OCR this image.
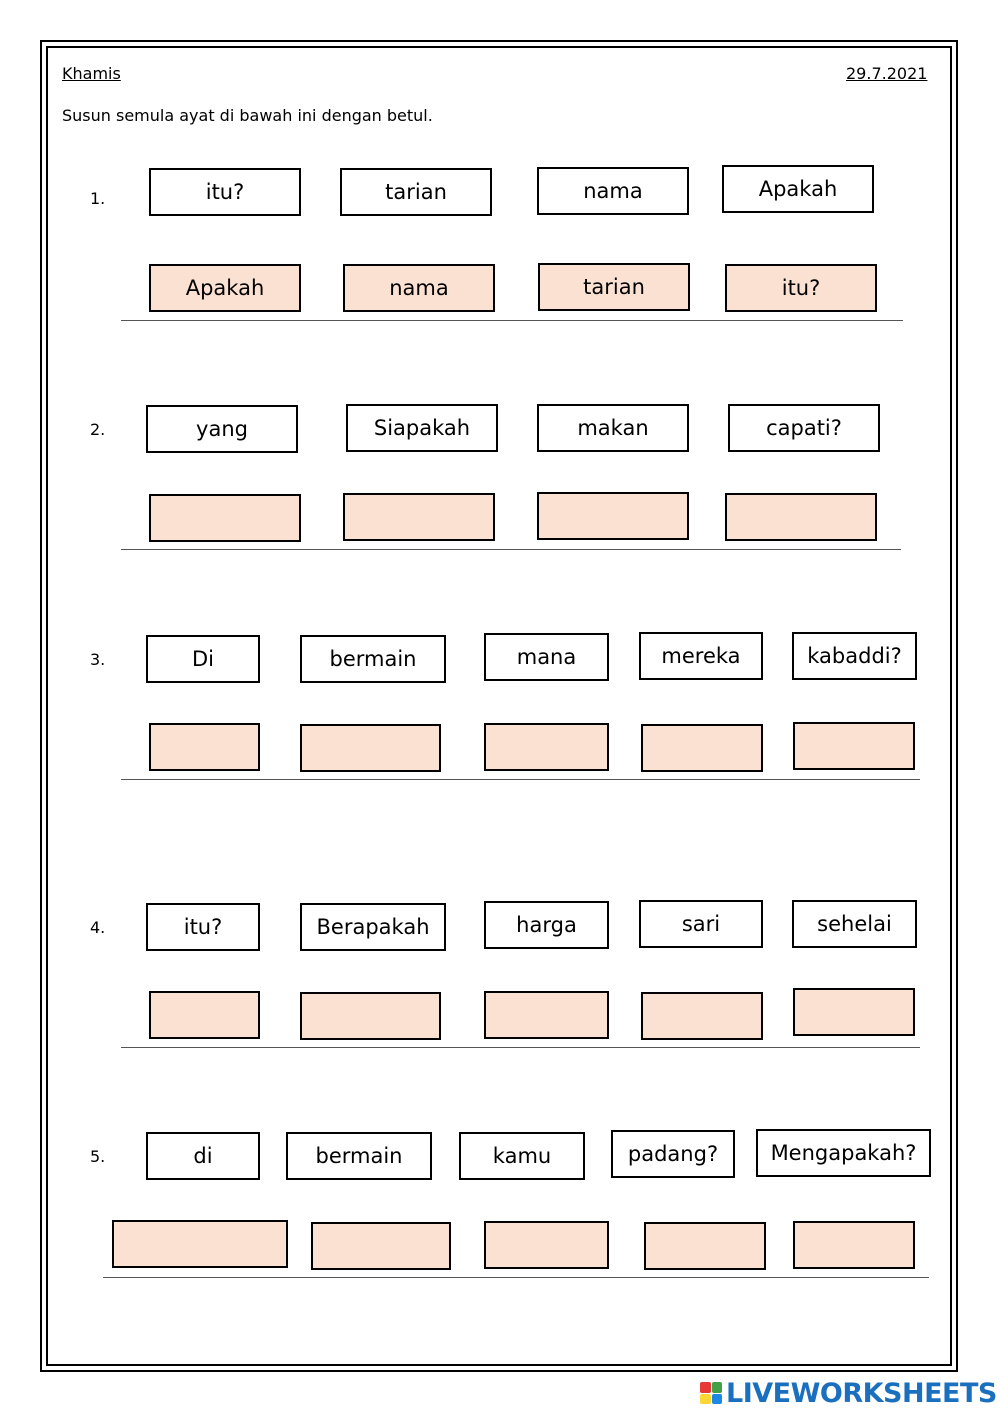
Khamis	29.7.2021
Susun semula ayat di bawah ini dengan betul.
1.	itu?	tarian	nama	Apakah
Apakah	nama	tarian	itu?
2.	yang	Siapakah	makan	capati?
3.	Di	bermain	mana	mereka	kabaddi?
4.	itu?	Berapakah	harga	sari	sehelai
5.	di	bermain	kamu	padang?	Mengapakah?
LIVEWORKSHEETS
